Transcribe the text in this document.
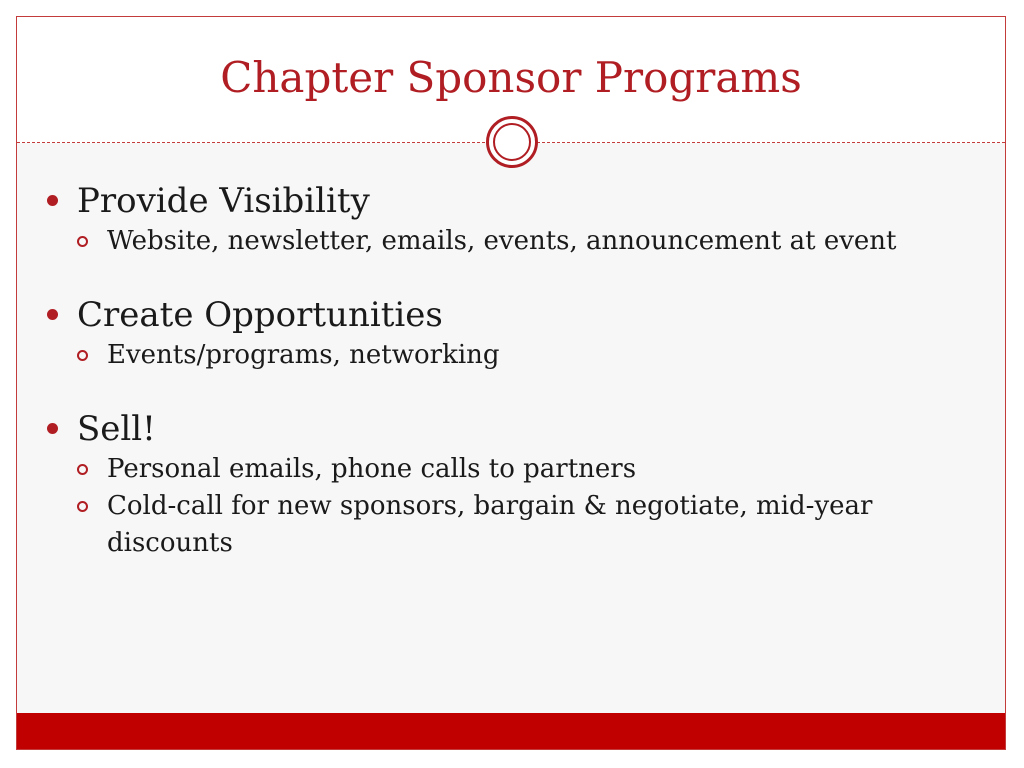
Chapter Sponsor Programs
Provide Visibility
Website, newsletter, emails, events, announcement at event
Create Opportunities
Events/programs, networking
Sell!
Personal emails, phone calls to partners
Cold-call for new sponsors, bargain & negotiate, mid-year discounts
